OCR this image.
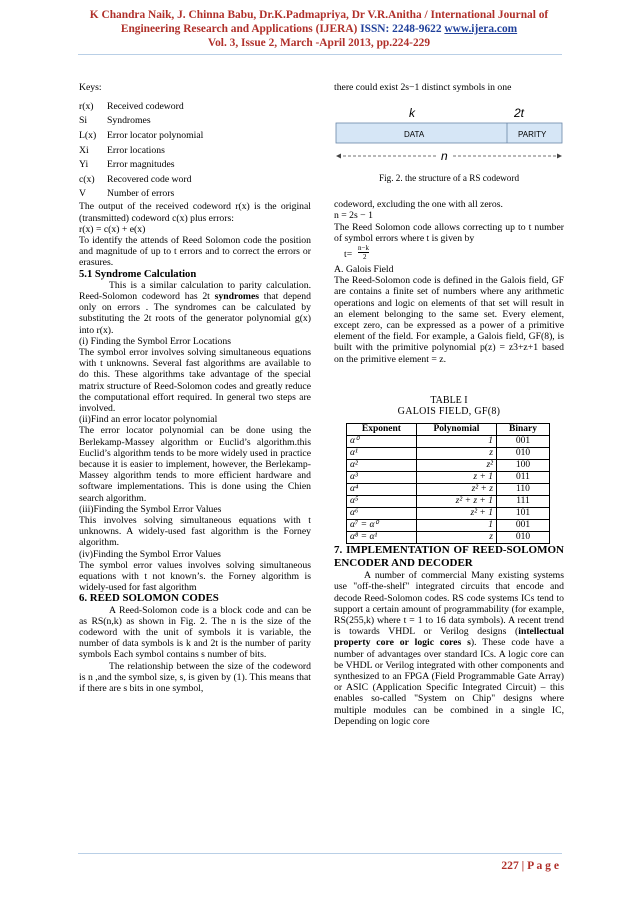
K Chandra Naik, J. Chinna Babu, Dr.K.Padmapriya, Dr V.R.Anitha / International Journal of
Engineering Research and Applications (IJERA) ISSN: 2248-9622 www.ijera.com
Vol. 3, Issue 2, March -April 2013, pp.224-229

Keys:

r(x)	Received codeword
Si	Syndromes
L(x)	Error locator polynomial
Xi	Error locations
Yi	Error magnitudes
c(x)	Recovered code word
V	Number of errors

The output of the received codeword r(x) is the original (transmitted) codeword c(x) plus errors:

r(x) = c(x) + e(x)

To identify the attends of Reed Solomon code the position and magnitude of up to t errors and to correct the errors or erasures.

5.1 Syndrome Calculation

This is a similar calculation to parity calculation. Reed-Solomon codeword has 2t syndromes that depend only on errors . The syndromes can be calculated by substituting the 2t roots of the generator polynomial g(x) into r(x).

(i) Finding the Symbol Error Locations

The symbol error involves solving simultaneous equations with t unknowns. Several fast algorithms are available to do this. These algorithms take advantage of the special matrix structure of Reed-Solomon codes and greatly reduce the computational effort required. In general two steps are involved.

(ii)Find an error locator polynomial

The error locator polynomial can be done using the Berlekamp-Massey algorithm or Euclid’s algorithm.this Euclid’s algorithm tends to be more widely used in practice because it is easier to implement, however, the Berlekamp-Massey algorithm tends to more efficient hardware and software implementations. This is done using the Chien search algorithm.

(iii)Finding the Symbol Error Values

This involves solving simultaneous equations with t unknowns. A widely-used fast algorithm is the Forney algorithm.

(iv)Finding the Symbol Error Values

The symbol error values involves solving simultaneous equations with t not known’s. the Forney algorithm is widely-used for fast algorithm

6. REED SOLOMON CODES

A Reed-Solomon code is a block code and can be as RS(n,k) as shown in Fig. 2. The n is the size of the codeword with the unit of symbols it is variable, the number of data symbols is k and 2t is the number of parity symbols Each symbol contains s number of bits.

The relationship between the size of the codeword is n ,and the symbol size, s, is given by (1). This means that if there are s bits in one symbol,

there could exist 2s−1 distinct symbols in one

k	2t
DATA	PARITY
n
Fig. 2. the structure of a RS codeword

codeword, excluding the one with all zeros.

n = 2s − 1

The Reed Solomon code allows correcting up to t number of symbol errors where t is given by

t=
n−k
2

A. Galois Field

The Reed-Solomon code is defined in the Galois field, GF are contains a finite set of numbers where any arithmetic operations and logic on elements of that set will result in an element belonging to the same set. Every element, except zero, can be expressed as a power of a primitive element of the field. For example, a Galois field, GF(8), is built with the primitive polynomial p(z) = z3+z+1 based on the primitive element = z.

TABLE I
GALOIS FIELD, GF(8)
Exponent	Polynomial	Binary
α⁰	1	001
α¹	z	010
α²	z²	100
α³	z + 1	011
α⁴	z² + z	110
α⁵	z² + z + 1	111
α⁶	z² + 1	101
α⁷ = α⁰	1	001
α⁸ = α¹	z	010

7. IMPLEMENTATION OF REED-SOLOMON ENCODER AND DECODER

A number of commercial Many existing systems use "off-the-shelf" integrated circuits that encode and decode Reed-Solomon codes. RS code systems ICs tend to support a certain amount of programmability (for example, RS(255,k) where t = 1 to 16 data symbols). A recent trend is towards VHDL or Verilog designs (intellectual property core or logic cores s). These code have a number of advantages over standard ICs. A logic core can be VHDL or Verilog integrated with other components and synthesized to an FPGA (Field Programmable Gate Array) or ASIC (Application Specific Integrated Circuit) – this enables so-called "System on Chip" designs where multiple modules can be combined in a single IC, Depending on logic core

227 | P a g e
